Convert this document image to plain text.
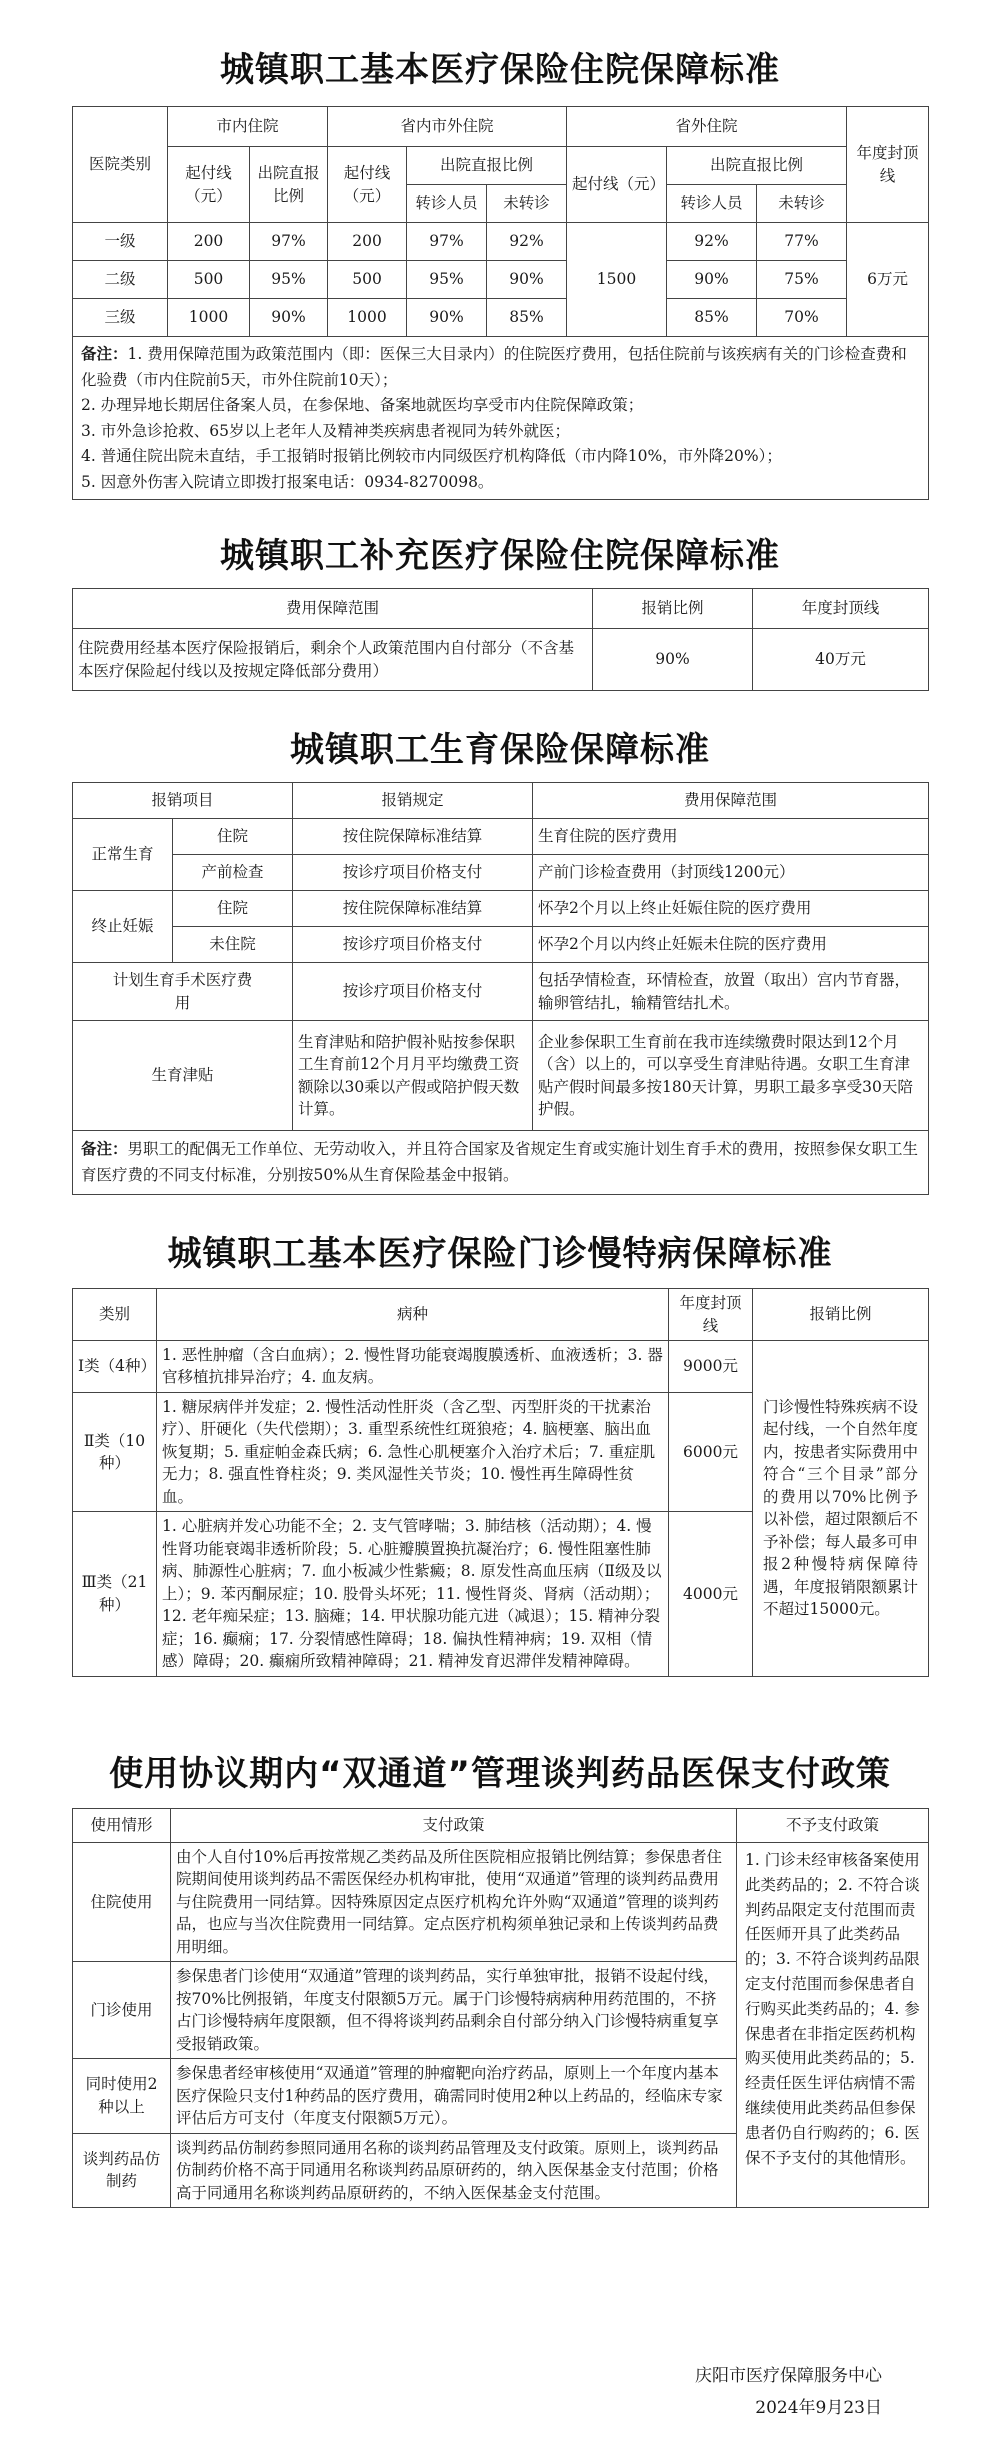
城镇职工基本医疗保险住院保障标准
医院类别	市内住院		省内市外住院			省外住院			年度封顶线
	起付线（元）	出院直报比例	起付线（元）	出院直报比例		起付线（元）	出院直报比例		
				转诊人员	未转诊		转诊人员	未转诊	
一级	200	97%	200	97%	92%	1500	92%	77%	6万元
二级	500	95%	500	95%	90%		90%	75%	
三级	1000	90%	1000	90%	85%		85%	70%	

备注：1. 费用保障范围为政策范围内（即：医保三大目录内）的住院医疗费用，包括住院前与该疾病有关的门诊检查费和化验费（市内住院前5天，市外住院前10天）；
2. 办理异地长期居住备案人员，在参保地、备案地就医均享受市内住院保障政策；
3. 市外急诊抢救、65岁以上老年人及精神类疾病患者视同为转外就医；
4. 普通住院出院未直结，手工报销时报销比例较市内同级医疗机构降低（市内降10%，市外降20%）；
5. 因意外伤害入院请立即拨打报案电话：0934-8270098。									
城镇职工补充医疗保险住院保障标准
费用保障范围	报销比例	年度封顶线
住院费用经基本医疗保险报销后，剩余个人政策范围内自付部分（不含基本医疗保险起付线以及按规定降低部分费用）	90%	40万元
城镇职工生育保险保障标准
报销项目		报销规定	费用保障范围
正常生育	住院	按住院保障标准结算	生育住院的医疗费用
	产前检查	按诊疗项目价格支付	产前门诊检查费用（封顶线1200元）
终止妊娠	住院	按住院保障标准结算	怀孕2个月以上终止妊娠住院的医疗费用
	未住院	按诊疗项目价格支付	怀孕2个月以内终止妊娠未住院的医疗费用
计划生育手术医疗费用		按诊疗项目价格支付	包括孕情检查，环情检查，放置（取出）宫内节育器，输卵管结扎，输精管结扎术。
生育津贴		生育津贴和陪护假补贴按参保职工生育前12个月月平均缴费工资额除以30乘以产假或陪护假天数计算。	企业参保职工生育前在我市连续缴费时限达到12个月（含）以上的，可以享受生育津贴待遇。女职工生育津贴产假时间最多按180天计算，男职工最多享受30天陪护假。
备注：男职工的配偶无工作单位、无劳动收入，并且符合国家及省规定生育或实施计划生育手术的费用，按照参保女职工生育医疗费的不同支付标准，分别按50%从生育保险基金中报销。			
城镇职工基本医疗保险门诊慢特病保障标准
类别	病种	年度封顶线	报销比例
Ⅰ类（4种）	1. 恶性肿瘤（含白血病）；2. 慢性肾功能衰竭腹膜透析、血液透析；3. 器官移植抗排异治疗；4. 血友病。	9000元	门诊慢性特殊疾病不设起付线，一个自然年度内，按患者实际费用中符合“三个目录”部分的费用以70%比例予以补偿，超过限额后不予补偿；每人最多可申报2种慢特病保障待遇，年度报销限额累计不超过15000元。
Ⅱ类（10种）	1. 糖尿病伴并发症；2. 慢性活动性肝炎（含乙型、丙型肝炎的干扰素治疗）、肝硬化（失代偿期）；3. 重型系统性红斑狼疮；4. 脑梗塞、脑出血恢复期；5. 重症帕金森氏病；6. 急性心肌梗塞介入治疗术后；7. 重症肌无力；8. 强直性脊柱炎；9. 类风湿性关节炎；10. 慢性再生障碍性贫血。	6000元	
Ⅲ类（21种）	1. 心脏病并发心功能不全；2. 支气管哮喘；3. 肺结核（活动期）；4. 慢性肾功能衰竭非透析阶段；5. 心脏瓣膜置换抗凝治疗；6. 慢性阻塞性肺病、肺源性心脏病；7. 血小板减少性紫癜；8. 原发性高血压病（Ⅱ级及以上）；9. 苯丙酮尿症；10. 股骨头坏死；11. 慢性肾炎、肾病（活动期）；12. 老年痴呆症；13. 脑瘫；14. 甲状腺功能亢进（减退）；15. 精神分裂症；16. 癫痫；17. 分裂情感性障碍；18. 偏执性精神病；19. 双相（情感）障碍；20. 癫痫所致精神障碍；21. 精神发育迟滞伴发精神障碍。	4000元	
使用协议期内“双通道”管理谈判药品医保支付政策
使用情形	支付政策	不予支付政策
住院使用	由个人自付10%后再按常规乙类药品及所住医院相应报销比例结算；参保患者住院期间使用谈判药品不需医保经办机构审批，使用“双通道”管理的谈判药品费用与住院费用一同结算。因特殊原因定点医疗机构允许外购“双通道”管理的谈判药品，也应与当次住院费用一同结算。定点医疗机构须单独记录和上传谈判药品费用明细。	1. 门诊未经审核备案使用此类药品的；2. 不符合谈判药品限定支付范围而责任医师开具了此类药品的；3. 不符合谈判药品限定支付范围而参保患者自行购买此类药品的；4. 参保患者在非指定医药机构购买使用此类药品的；5. 经责任医生评估病情不需继续使用此类药品但参保患者仍自行购药的；6. 医保不予支付的其他情形。
门诊使用	参保患者门诊使用“双通道”管理的谈判药品，实行单独审批，报销不设起付线，按70%比例报销，年度支付限额5万元。属于门诊慢特病病种用药范围的，不挤占门诊慢特病年度限额，但不得将谈判药品剩余自付部分纳入门诊慢特病重复享受报销政策。	
同时使用2种以上	参保患者经审核使用“双通道”管理的肿瘤靶向治疗药品，原则上一个年度内基本医疗保险只支付1种药品的医疗费用，确需同时使用2种以上药品的，经临床专家评估后方可支付（年度支付限额5万元）。	
谈判药品仿制药	谈判药品仿制药参照同通用名称的谈判药品管理及支付政策。原则上，谈判药品仿制药价格不高于同通用名称谈判药品原研药的，纳入医保基金支付范围；价格高于同通用名称谈判药品原研药的，不纳入医保基金支付范围。	
庆阳市医疗保障服务中心
2024年9月23日
